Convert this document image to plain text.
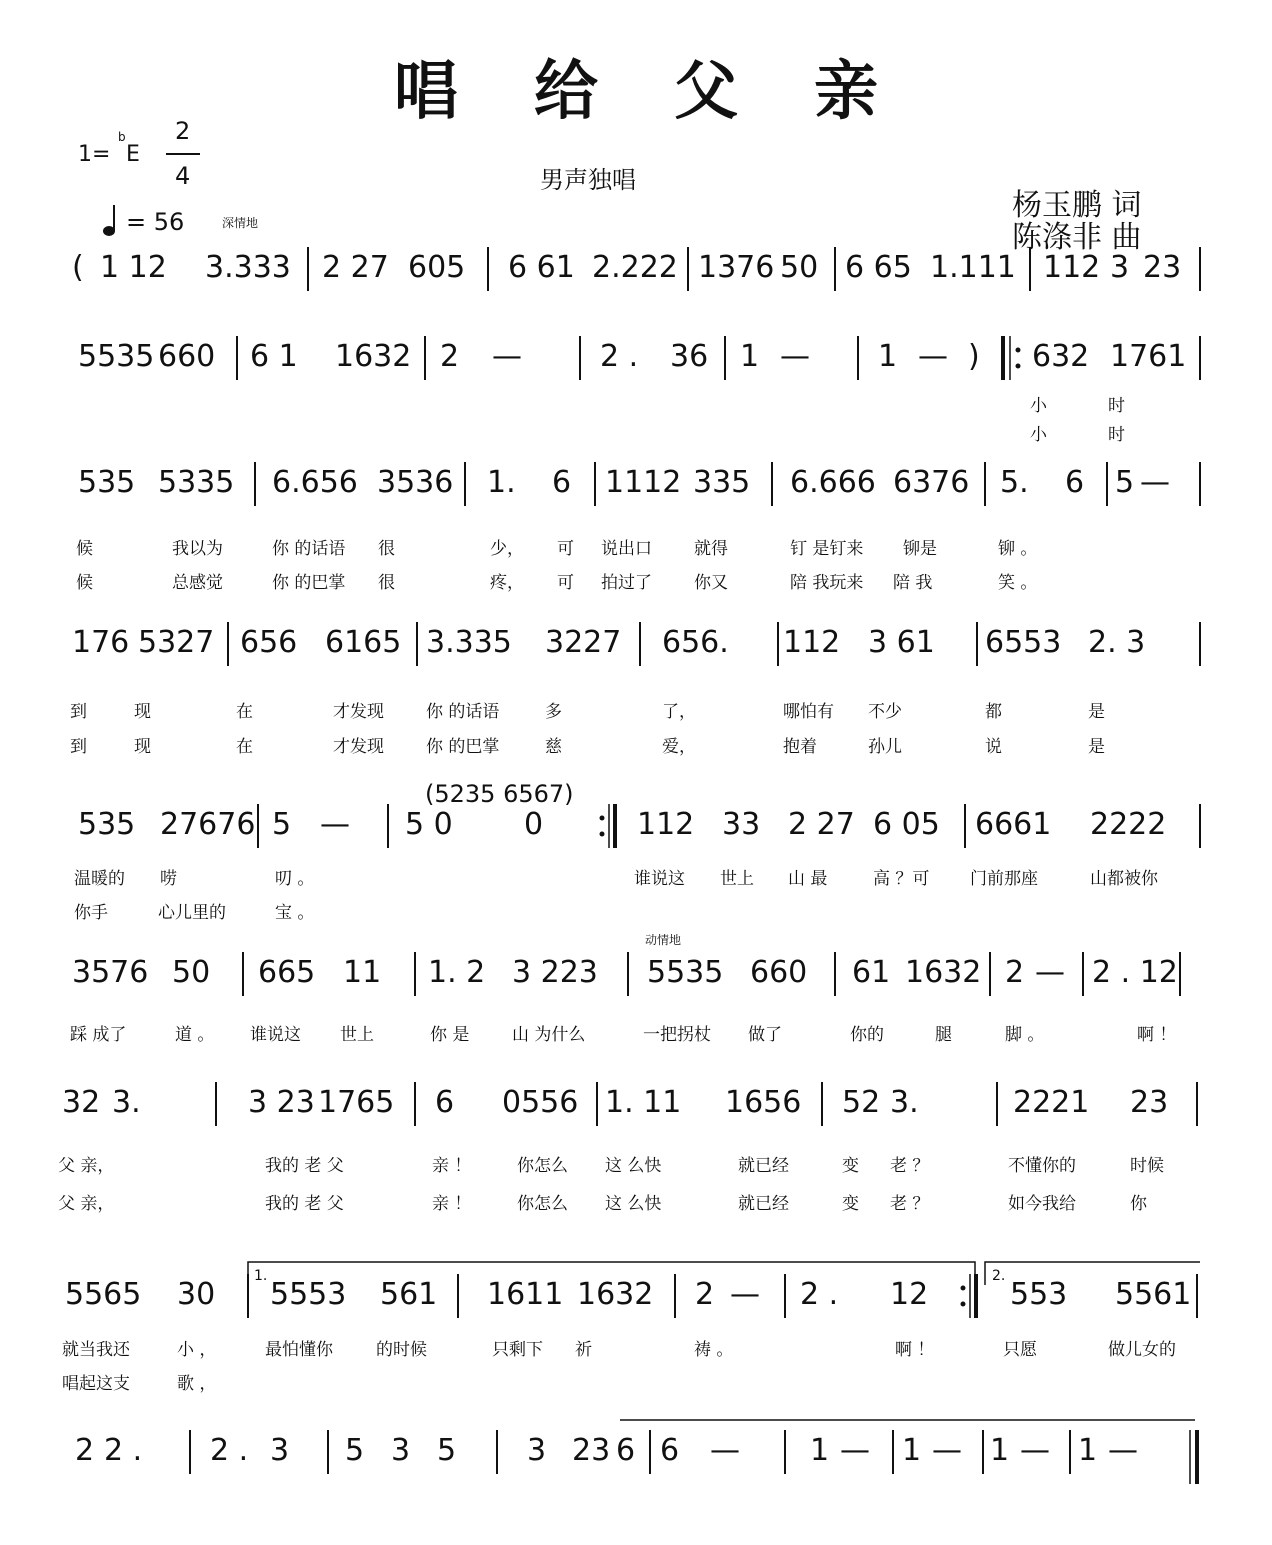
唱 给 父 亲
1=
b
E
2
4
= 56	深情地
男声独唱
杨玉鹏 词
陈涤非 曲
( 1 12 3.333 2 27 605 6 61 2.222 1376 50 6 65 1.111 112 3 23
5535 660 6 1 1632 2 —	2 . 36 1 — 1 — ) 632 1761
小	时
小	时
535 5335 6.656 3536 1. 6 1112 335 6.666 6376 5. 6 5 —
候	我以为	你 的话语 很	少， 可 说出口 就得	钉 是钉来 铆是	铆 。
候	总感觉	你 的巴掌 很	疼， 可 拍过了 你又	陪 我玩来 陪 我	笑 。
176 5327 656 6165 3.335 3227 656. 112 3 61 6553 2. 3
到	现	在	才发现 你 的话语	多	了，	哪怕有 不少	都	是
到	现	在	才发现 你 的巴掌	慈	爱，	抱着	孙儿	说	是
535 27676 5 — 5 0 0	112 33 2 27 6 05 6661 2222
(5235 6567)
温暖的 唠	叨 。	谁说这 世上 山 最	高 ？可 门前那座	山都被你
你手	心儿里的	宝 。
3576 50 665 11 1. 2 3 223 5535 660 61 1632 2 — 2 . 12
踩 成了	道 。 谁说这 世上	你 是	山 为什么	一把拐杖 做了	你的	腿	脚 。	啊 ！
32 3.	3 23 1765 6 0556 1. 11 1656 52 3.	2221 23
父 亲，	我的 老 父	亲 ！	你怎么 这 么快	就已经	变 老 ？	不懂你的	时候
父 亲，	我的 老 父	亲 ！	你怎么 这 么快	就已经	变 老 ？	如今我给	你
5565 30 5553 561 1611 1632 2 — 2 . 12	553 5561
就当我还	小 ，	最怕懂你	的时候	只剩下 祈	祷 。	啊 ！	只愿	做儿女的
唱起这支	歌 ，
2 2 . 2 . 3 5 3 5 3 23 6 6 — 1 — 1 — 1 — 1 —
动情地
1.	2.
